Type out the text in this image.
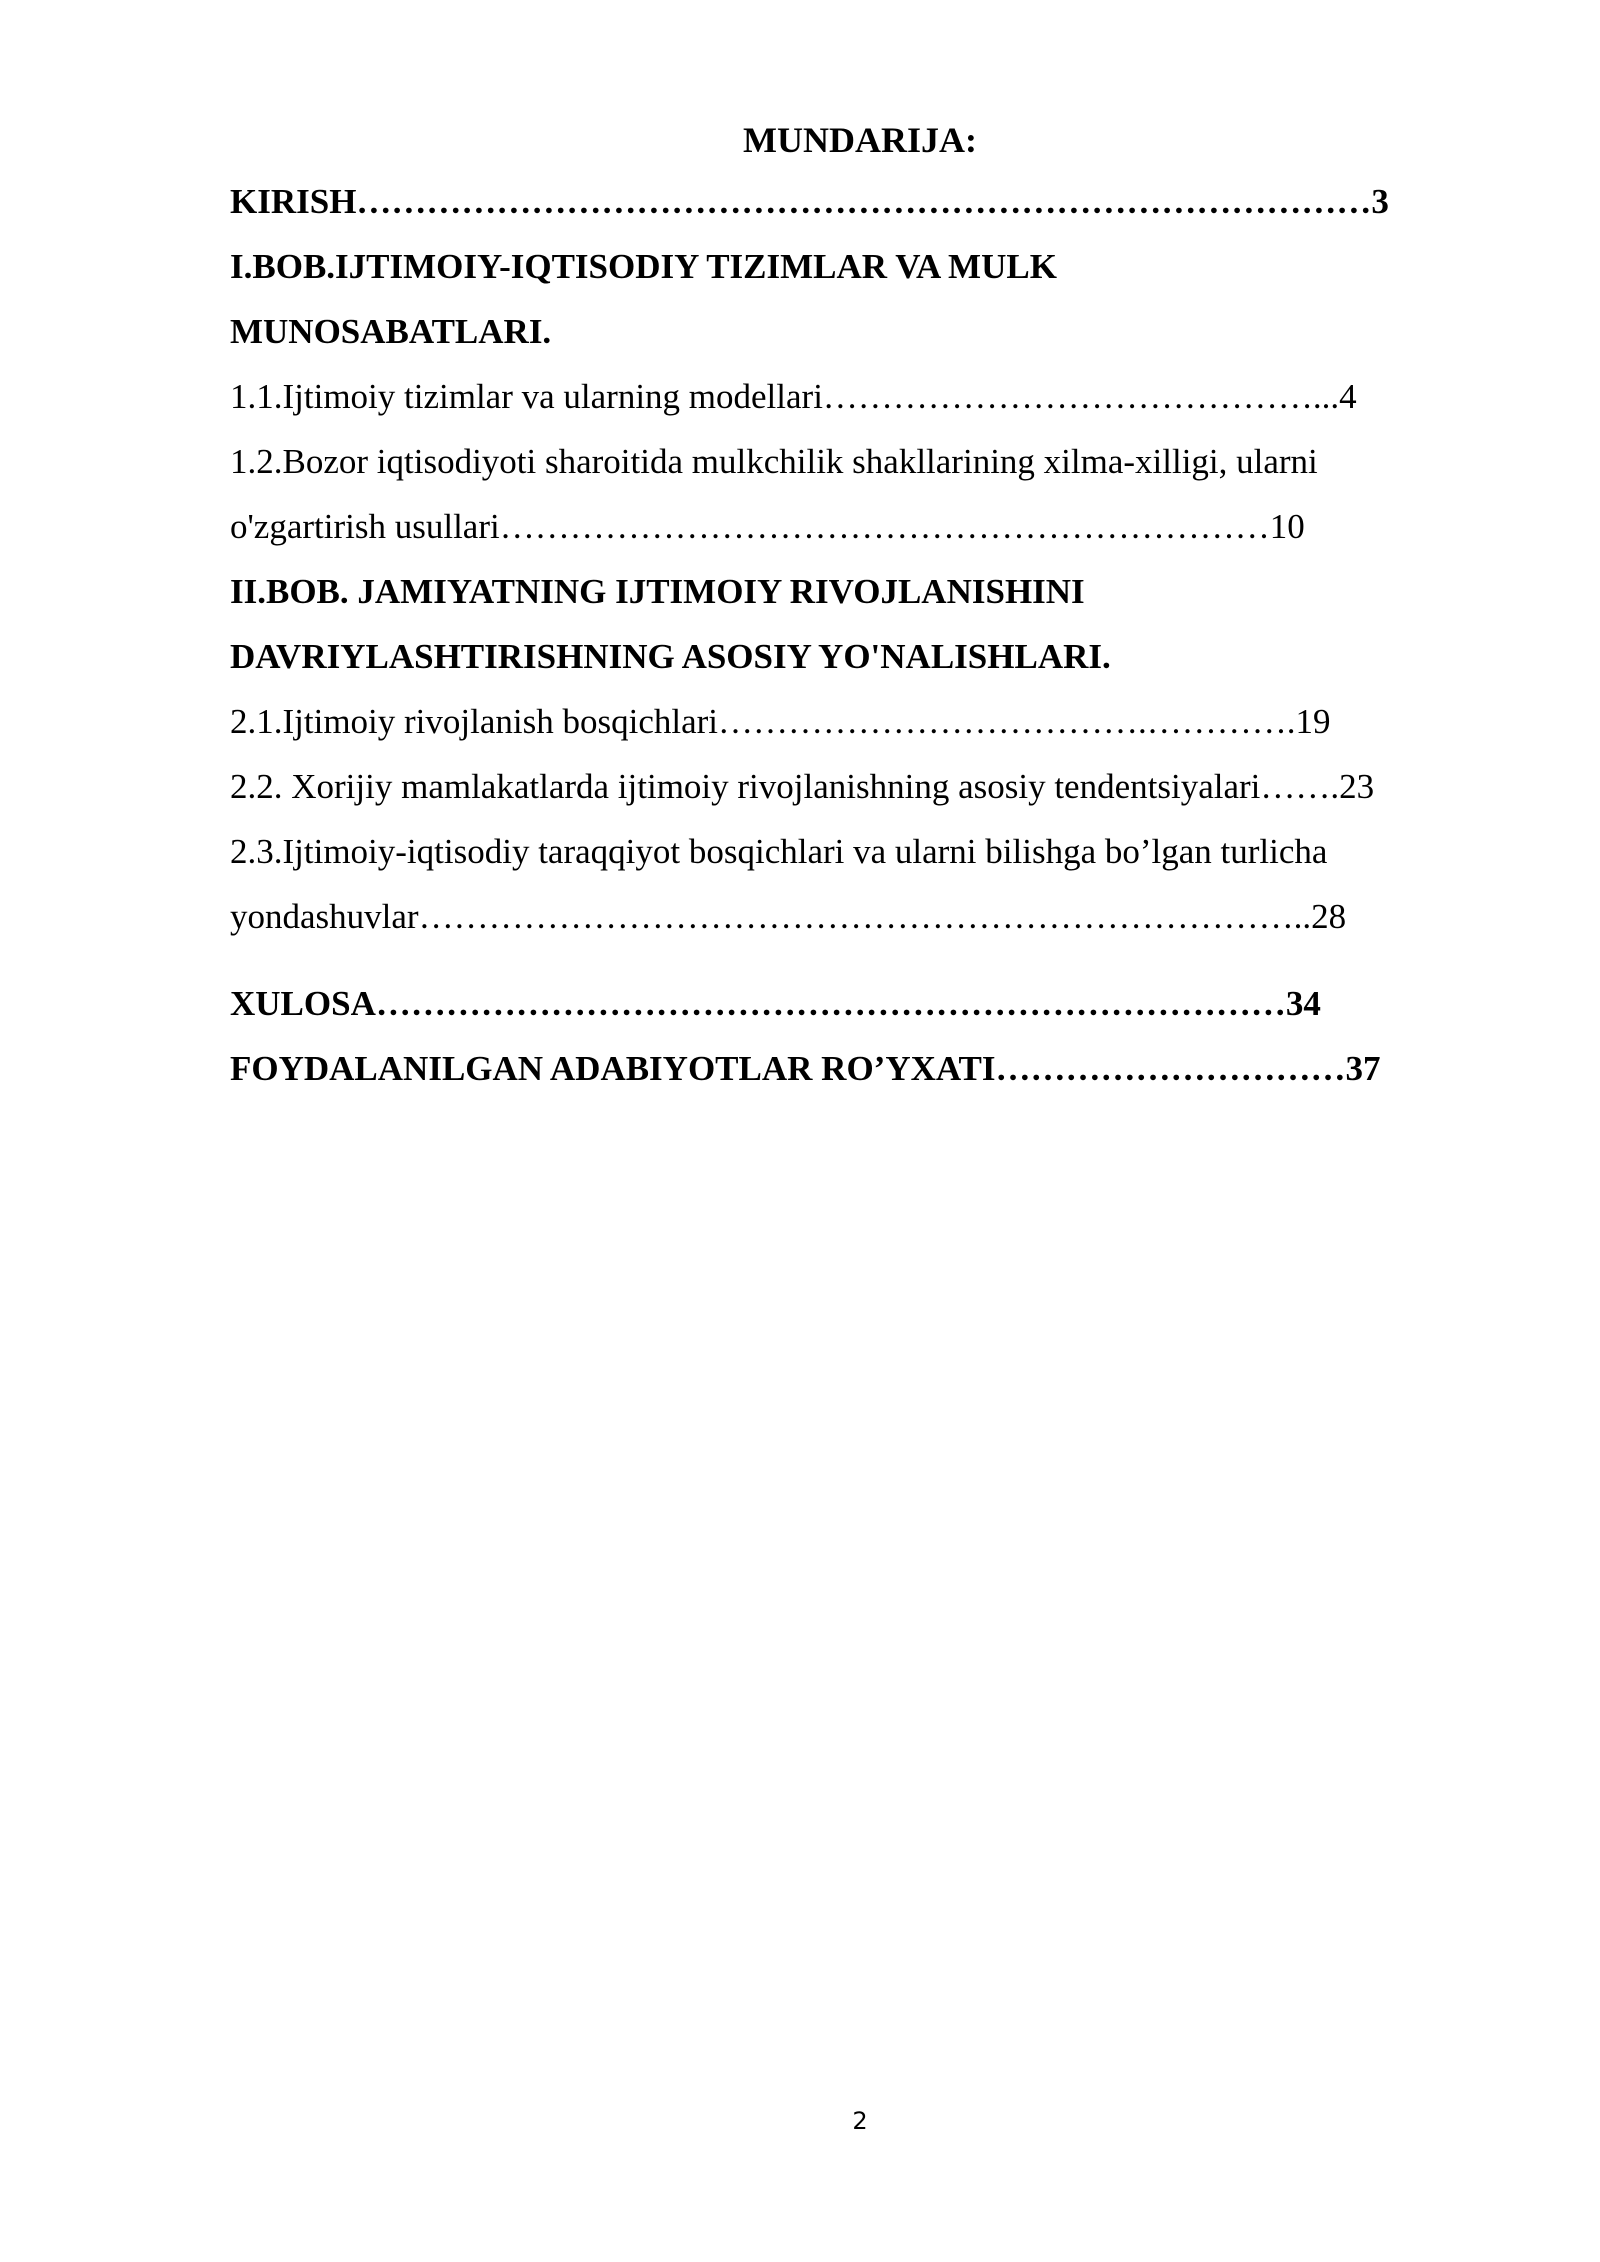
MUNDARIJA:
KIRISH……………………………………………………………………………3
I.BOB.IJTIMOIY-IQTISODIY TIZIMLAR VA MULK
MUNOSABATLARI.
1.1.Ijtimoiy tizimlar va ularning modellari……………………………………...4
1.2.Bozor iqtisodiyoti sharoitida mulkchilik shakllarining xilma-xilligi, ularni
o'zgartirish usullari…………………………………………………………10
II.BOB. JAMIYATNING IJTIMOIY RIVOJLANISHINI
DAVRIYLASHTIRISHNING ASOSIY YO'NALISHLARI.
2.1.Ijtimoiy rivojlanish bosqichlari……………………………….………….19
2.2. Xorijiy mamlakatlarda ijtimoiy rivojlanishning asosiy tendentsiyalari…….23
2.3.Ijtimoiy-iqtisodiy taraqqiyot bosqichlari va ularni bilishga bo’lgan turlicha
yondashuvlar…………………………………………………………………..28
XULOSA……………………………………………………………………34
FOYDALANILGAN ADABIYOTLAR RO’YXATI…………………………37
2
